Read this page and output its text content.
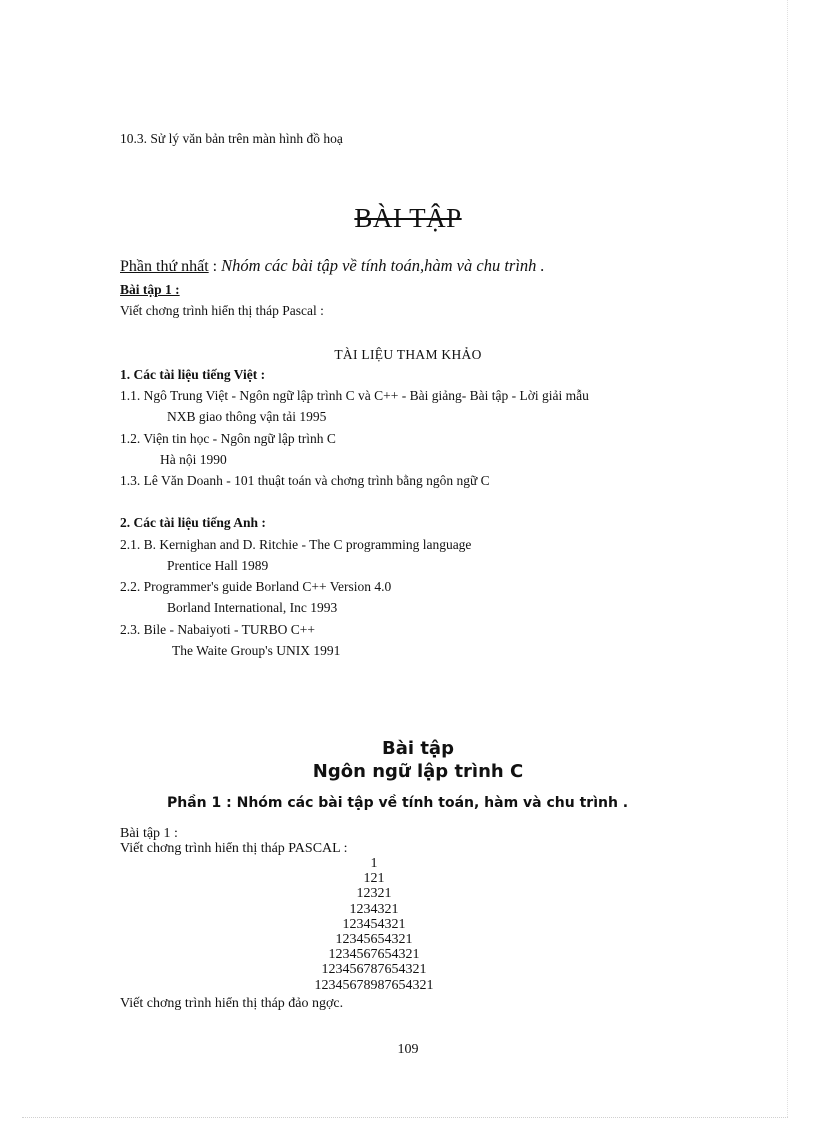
10.3. Sử lý văn bản trên màn hình đồ hoạ
BÀI TẬP
Phần thứ nhất : Nhóm các bài tập về tính toán,hàm và chu trình .
Bài tập 1 :
Viết chơng trình hiển thị tháp Pascal :
TÀI LIỆU THAM KHẢO
1. Các tài liệu tiếng Việt :
1.1. Ngô Trung Việt - Ngôn ngữ lập trình C và C++ - Bài giảng- Bài tập - Lời giải mẫu
NXB giao thông vận tải 1995
1.2. Viện tin học - Ngôn ngữ lập trình C
Hà nội 1990
1.3. Lê Văn Doanh - 101 thuật toán và chơng trình bằng ngôn ngữ C
2. Các tài liệu tiếng Anh :
2.1. B. Kernighan and D. Ritchie - The C programming language
Prentice Hall 1989
2.2. Programmer's guide Borland C++ Version 4.0
Borland International, Inc 1993
2.3. Bile - Nabaiyoti - TURBO C++
The Waite Group's UNIX 1991
Bài tập
Ngôn ngữ lập trình C
Phần 1 : Nhóm các bài tập về tính toán, hàm và chu trình .
Bài tập 1 :
Viết chơng trình hiển thị tháp PASCAL :
1
121
12321
1234321
123454321
12345654321
1234567654321
123456787654321
12345678987654321
Viết chơng trình hiển thị tháp đảo ngợc.
109
